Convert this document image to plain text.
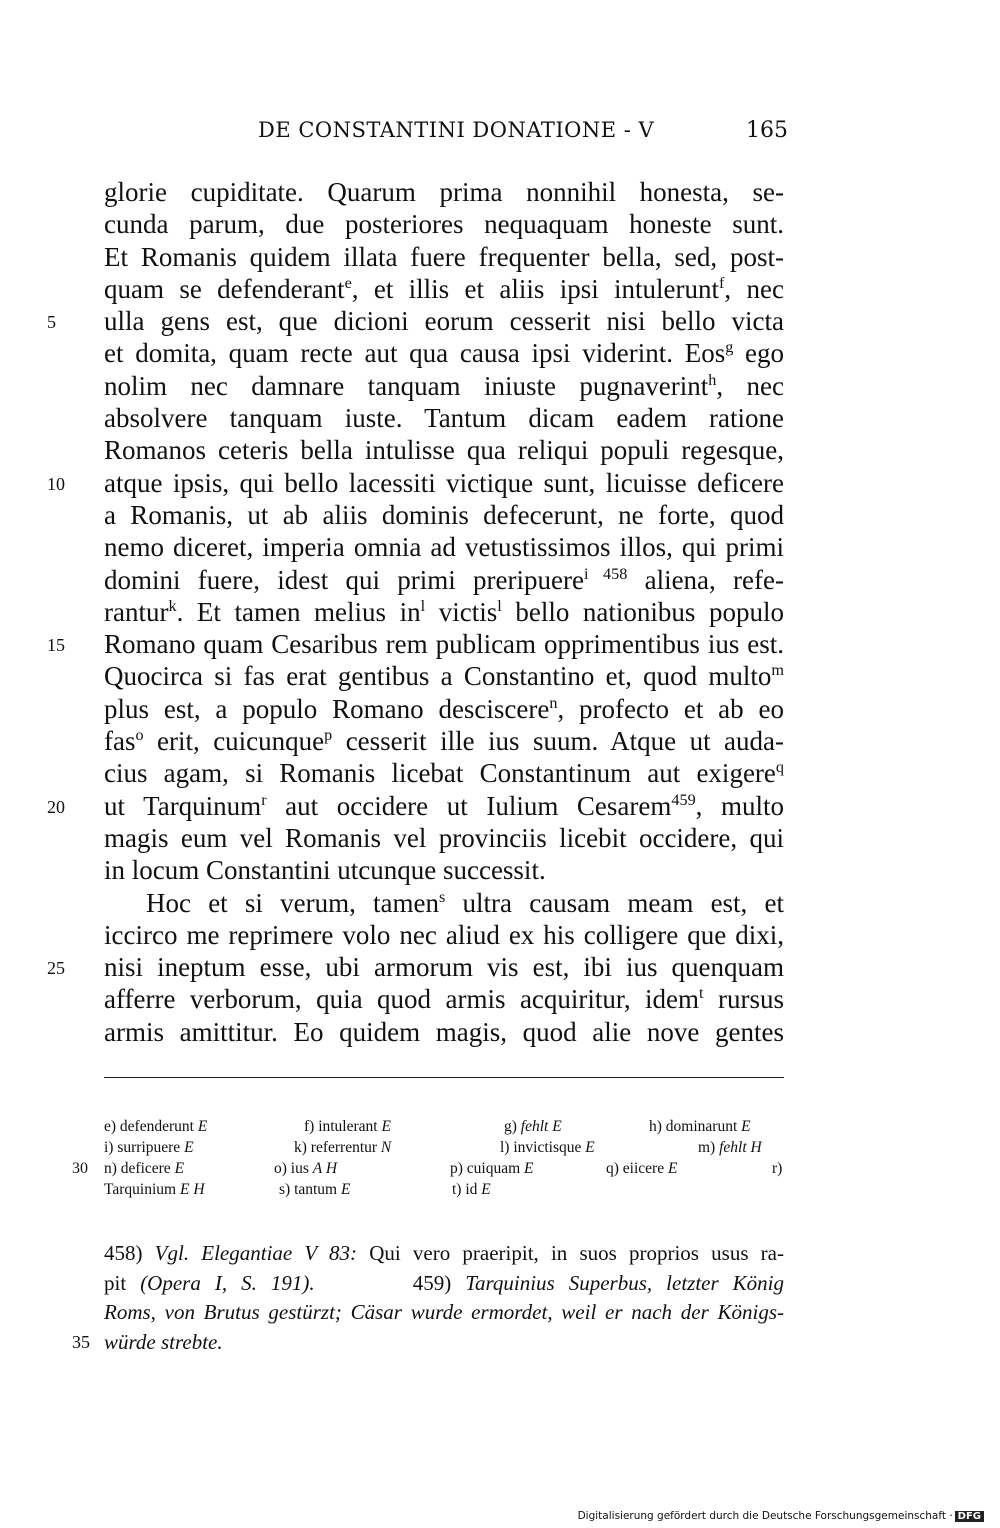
DE CONSTANTINI DONATIONE - V	165
glorie cupiditate. Quarum prima nonnihil honesta, se-
cunda parum, due posteriores nequaquam honeste sunt.
Et Romanis quidem illata fuere frequenter bella, sed, post-
quam se defenderant$^e$, et illis et aliis ipsi intulerunt$^f$, nec
5	ulla gens est, que dicioni eorum cesserit nisi bello victa
et domita, quam recte aut qua causa ipsi viderint. Eos$^g$ ego
nolim nec damnare tanquam iniuste pugnaverint$^h$, nec
absolvere tanquam iuste. Tantum dicam eadem ratione
Romanos ceteris bella intulisse qua reliqui populi regesque,
10	atque ipsis, qui bello lacessiti victique sunt, licuisse deficere
a Romanis, ut ab aliis dominis defecerunt, ne forte, quod
nemo diceret, imperia omnia ad vetustissimos illos, qui primi
domini fuere, idest qui primi preripuere$^{i 458}$ aliena, refe-
rantur$^k$. Et tamen melius $in^l$ victis$^l$ bello nationibus populo
15	Romano quam Cesaribus rem publicam opprimentibus ius est.
Quocirca si fas erat gentibus a Constantino et, quod multo$^m$
plus est, a populo Romano desciscere$^n$, profecto et ab eo
fas$^o$ erit, cuicunque$^p$ cesserit ille ius suum. Atque ut auda-
cius agam, si Romanis licebat Constantinum aut exigere$^q$
20	ut Tarquinum$^r$ aut occidere ut Iulium Cesarem$^{459}$, multo
magis eum vel Romanis vel provinciis licebit occidere, qui
in locum Constantini utcunque successit.
Hoc et si verum, tamen$^s$ ultra causam meam est, et
iccirco me reprimere volo nec aliud ex his colligere que dixi,
25	nisi ineptum esse, ubi armorum vis est, ibi ius quenquam
afferre verborum, quia quod armis acquiritur, idem$^t$ rursus
armis amittitur. Eo quidem magis, quod alie nove gentes
e) defenderunt E	f) intulerant E	g) fehlt E	h) dominarunt E
i) surripuere E	k) referrentur N	l) invictisque E	m) fehlt H
30 n) deficere E	o) ius A H	p) cuiquam E	q) eiicere E	r)
Tarquinium E H	s) tantum E	t) id E
458) Vgl. Elegantiae V 83: Qui vero praeripit, in suos proprios usus ra-
pit (Opera I, S. 191).       459) Tarquinius Superbus, letzter König
Roms, von Brutus gestürzt; Cäsar wurde ermordet, weil er nach der Königs-
35 würde strebte.
Digitalisierung gefördert durch die Deutsche Forschungsgemeinschaft · DFG
